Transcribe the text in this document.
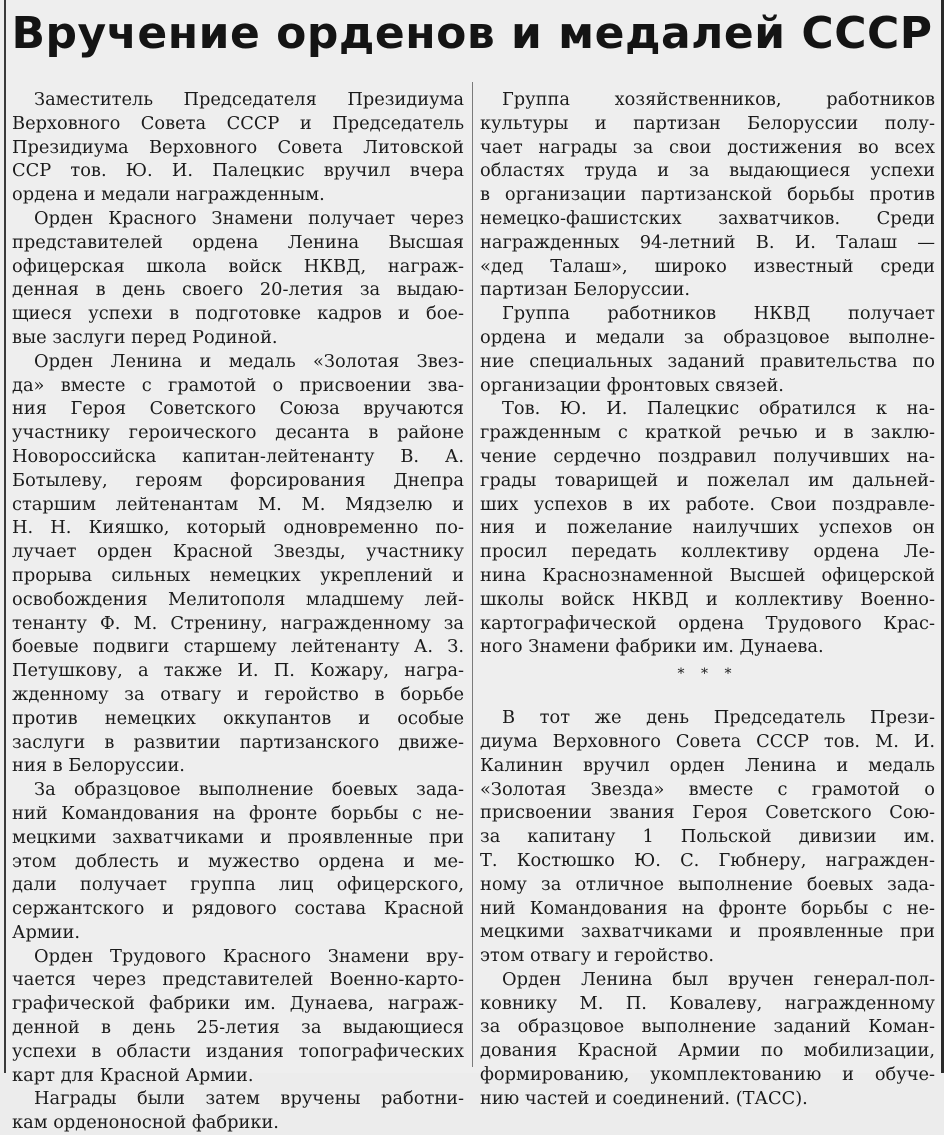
Вручение орденов и медалей СССР
Заместитель Председателя Президиума
Верховного Совета СССР и Председатель
Президиума Верховного Совета Литовской
ССР тов. Ю. И. Палецкис вручил вчера
ордена и медали награжденным.
Орден Красного Знамени получает через
представителей ордена Ленина Высшая
офицерская школа войск НКВД, награж-
денная в день своего 20-летия за выдаю-
щиеся успехи в подготовке кадров и бое-
вые заслуги перед Родиной.
Орден Ленина и медаль «Золотая Звез-
да» вместе с грамотой о присвоении зва-
ния Героя Советского Союза вручаются
участнику героического десанта в районе
Новороссийска капитан-лейтенанту В. А.
Ботылеву, героям форсирования Днепра
старшим лейтенантам М. М. Мядзелю и
Н. Н. Кияшко, который одновременно по-
лучает орден Красной Звезды, участнику
прорыва сильных немецких укреплений и
освобождения Мелитополя младшему лей-
тенанту Ф. М. Стренину, награжденному за
боевые подвиги старшему лейтенанту А. З.
Петушкову, а также И. П. Кожару, награ-
жденному за отвагу и геройство в борьбе
против немецких оккупантов и особые
заслуги в развитии партизанского движе-
ния в Белоруссии.
За образцовое выполнение боевых зада-
ний Командования на фронте борьбы с не-
мецкими захватчиками и проявленные при
этом доблесть и мужество ордена и ме-
дали получает группа лиц офицерского,
сержантского и рядового состава Красной
Армии.
Орден Трудового Красного Знамени вру-
чается через представителей Военно-карто-
графической фабрики им. Дунаева, награж-
денной в день 25-летия за выдающиеся
успехи в области издания топографических
карт для Красной Армии.
Награды были затем вручены работни-
кам орденоносной фабрики.
Группа хозяйственников, работников
культуры и партизан Белоруссии полу-
чает награды за свои достижения во всех
областях труда и за выдающиеся успехи
в организации партизанской борьбы против
немецко-фашистских захватчиков. Среди
награжденных 94-летний В. И. Талаш —
«дед Талаш», широко известный среди
партизан Белоруссии.
Группа работников НКВД получает
ордена и медали за образцовое выполне-
ние специальных заданий правительства по
организации фронтовых связей.
Тов. Ю. И. Палецкис обратился к на-
гражденным с краткой речью и в заклю-
чение сердечно поздравил получивших на-
грады товарищей и пожелал им дальней-
ших успехов в их работе. Свои поздравле-
ния и пожелание наилучших успехов он
просил передать коллективу ордена Ле-
нина Краснознаменной Высшей офицерской
школы войск НКВД и коллективу Военно-
картографической ордена Трудового Крас-
ного Знамени фабрики им. Дунаева.
* * *
В тот же день Председатель Прези-
диума Верховного Совета СССР тов. М. И.
Калинин вручил орден Ленина и медаль
«Золотая Звезда» вместе с грамотой о
присвоении звания Героя Советского Сою-
за капитану 1 Польской дивизии им.
Т. Костюшко Ю. С. Гюбнеру, награжден-
ному за отличное выполнение боевых зада-
ний Командования на фронте борьбы с не-
мецкими захватчиками и проявленные при
этом отвагу и геройство.
Орден Ленина был вручен генерал-пол-
ковнику М. П. Ковалеву, награжденному
за образцовое выполнение заданий Коман-
дования Красной Армии по мобилизации,
формированию, укомплектованию и обуче-
нию частей и соединений. (ТАСС).
